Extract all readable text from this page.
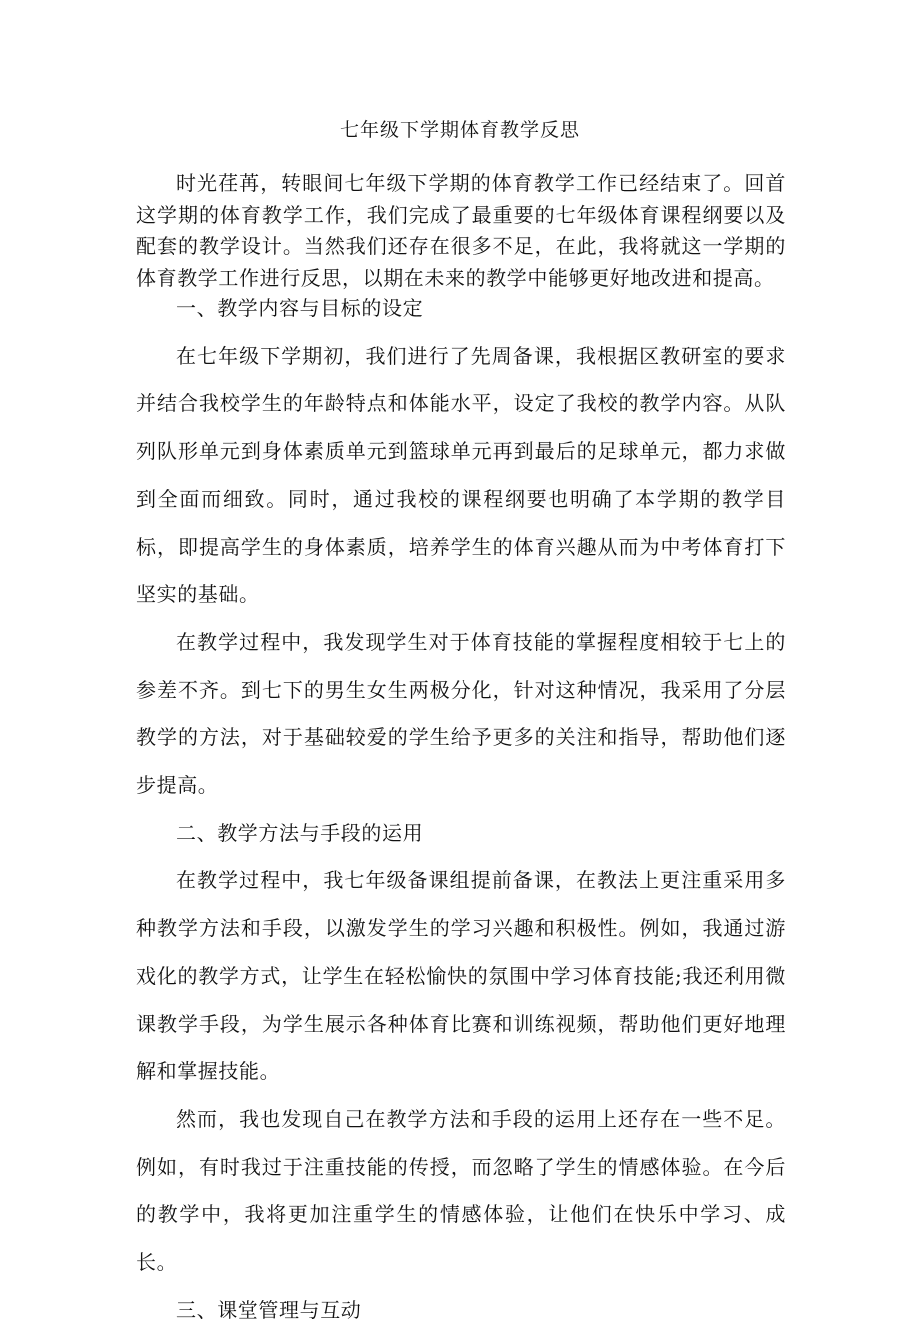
七年级下学期体育教学反思

时光荏苒，转眼间七年级下学期的体育教学工作已经结束了。回首这学期的体育教学工作，我们完成了最重要的七年级体育课程纲要以及配套的教学设计。当然我们还存在很多不足，在此，我将就这一学期的体育教学工作进行反思，以期在未来的教学中能够更好地改进和提高。

一、教学内容与目标的设定

在七年级下学期初，我们进行了先周备课，我根据区教研室的要求并结合我校学生的年龄特点和体能水平，设定了我校的教学内容。从队列队形单元到身体素质单元到篮球单元再到最后的足球单元，都力求做到全面而细致。同时，通过我校的课程纲要也明确了本学期的教学目标，即提高学生的身体素质，培养学生的体育兴趣从而为中考体育打下坚实的基础。

在教学过程中，我发现学生对于体育技能的掌握程度相较于七上的参差不齐。到七下的男生女生两极分化，针对这种情况，我采用了分层教学的方法，对于基础较爱的学生给予更多的关注和指导，帮助他们逐步提高。

二、教学方法与手段的运用

在教学过程中，我七年级备课组提前备课，在教法上更注重采用多种教学方法和手段，以激发学生的学习兴趣和积极性。例如，我通过游戏化的教学方式，让学生在轻松愉快的氛围中学习体育技能;我还利用微课教学手段，为学生展示各种体育比赛和训练视频，帮助他们更好地理解和掌握技能。

然而，我也发现自己在教学方法和手段的运用上还存在一些不足。例如，有时我过于注重技能的传授，而忽略了学生的情感体验。在今后的教学中，我将更加注重学生的情感体验，让他们在快乐中学习、成长。

三、课堂管理与互动
